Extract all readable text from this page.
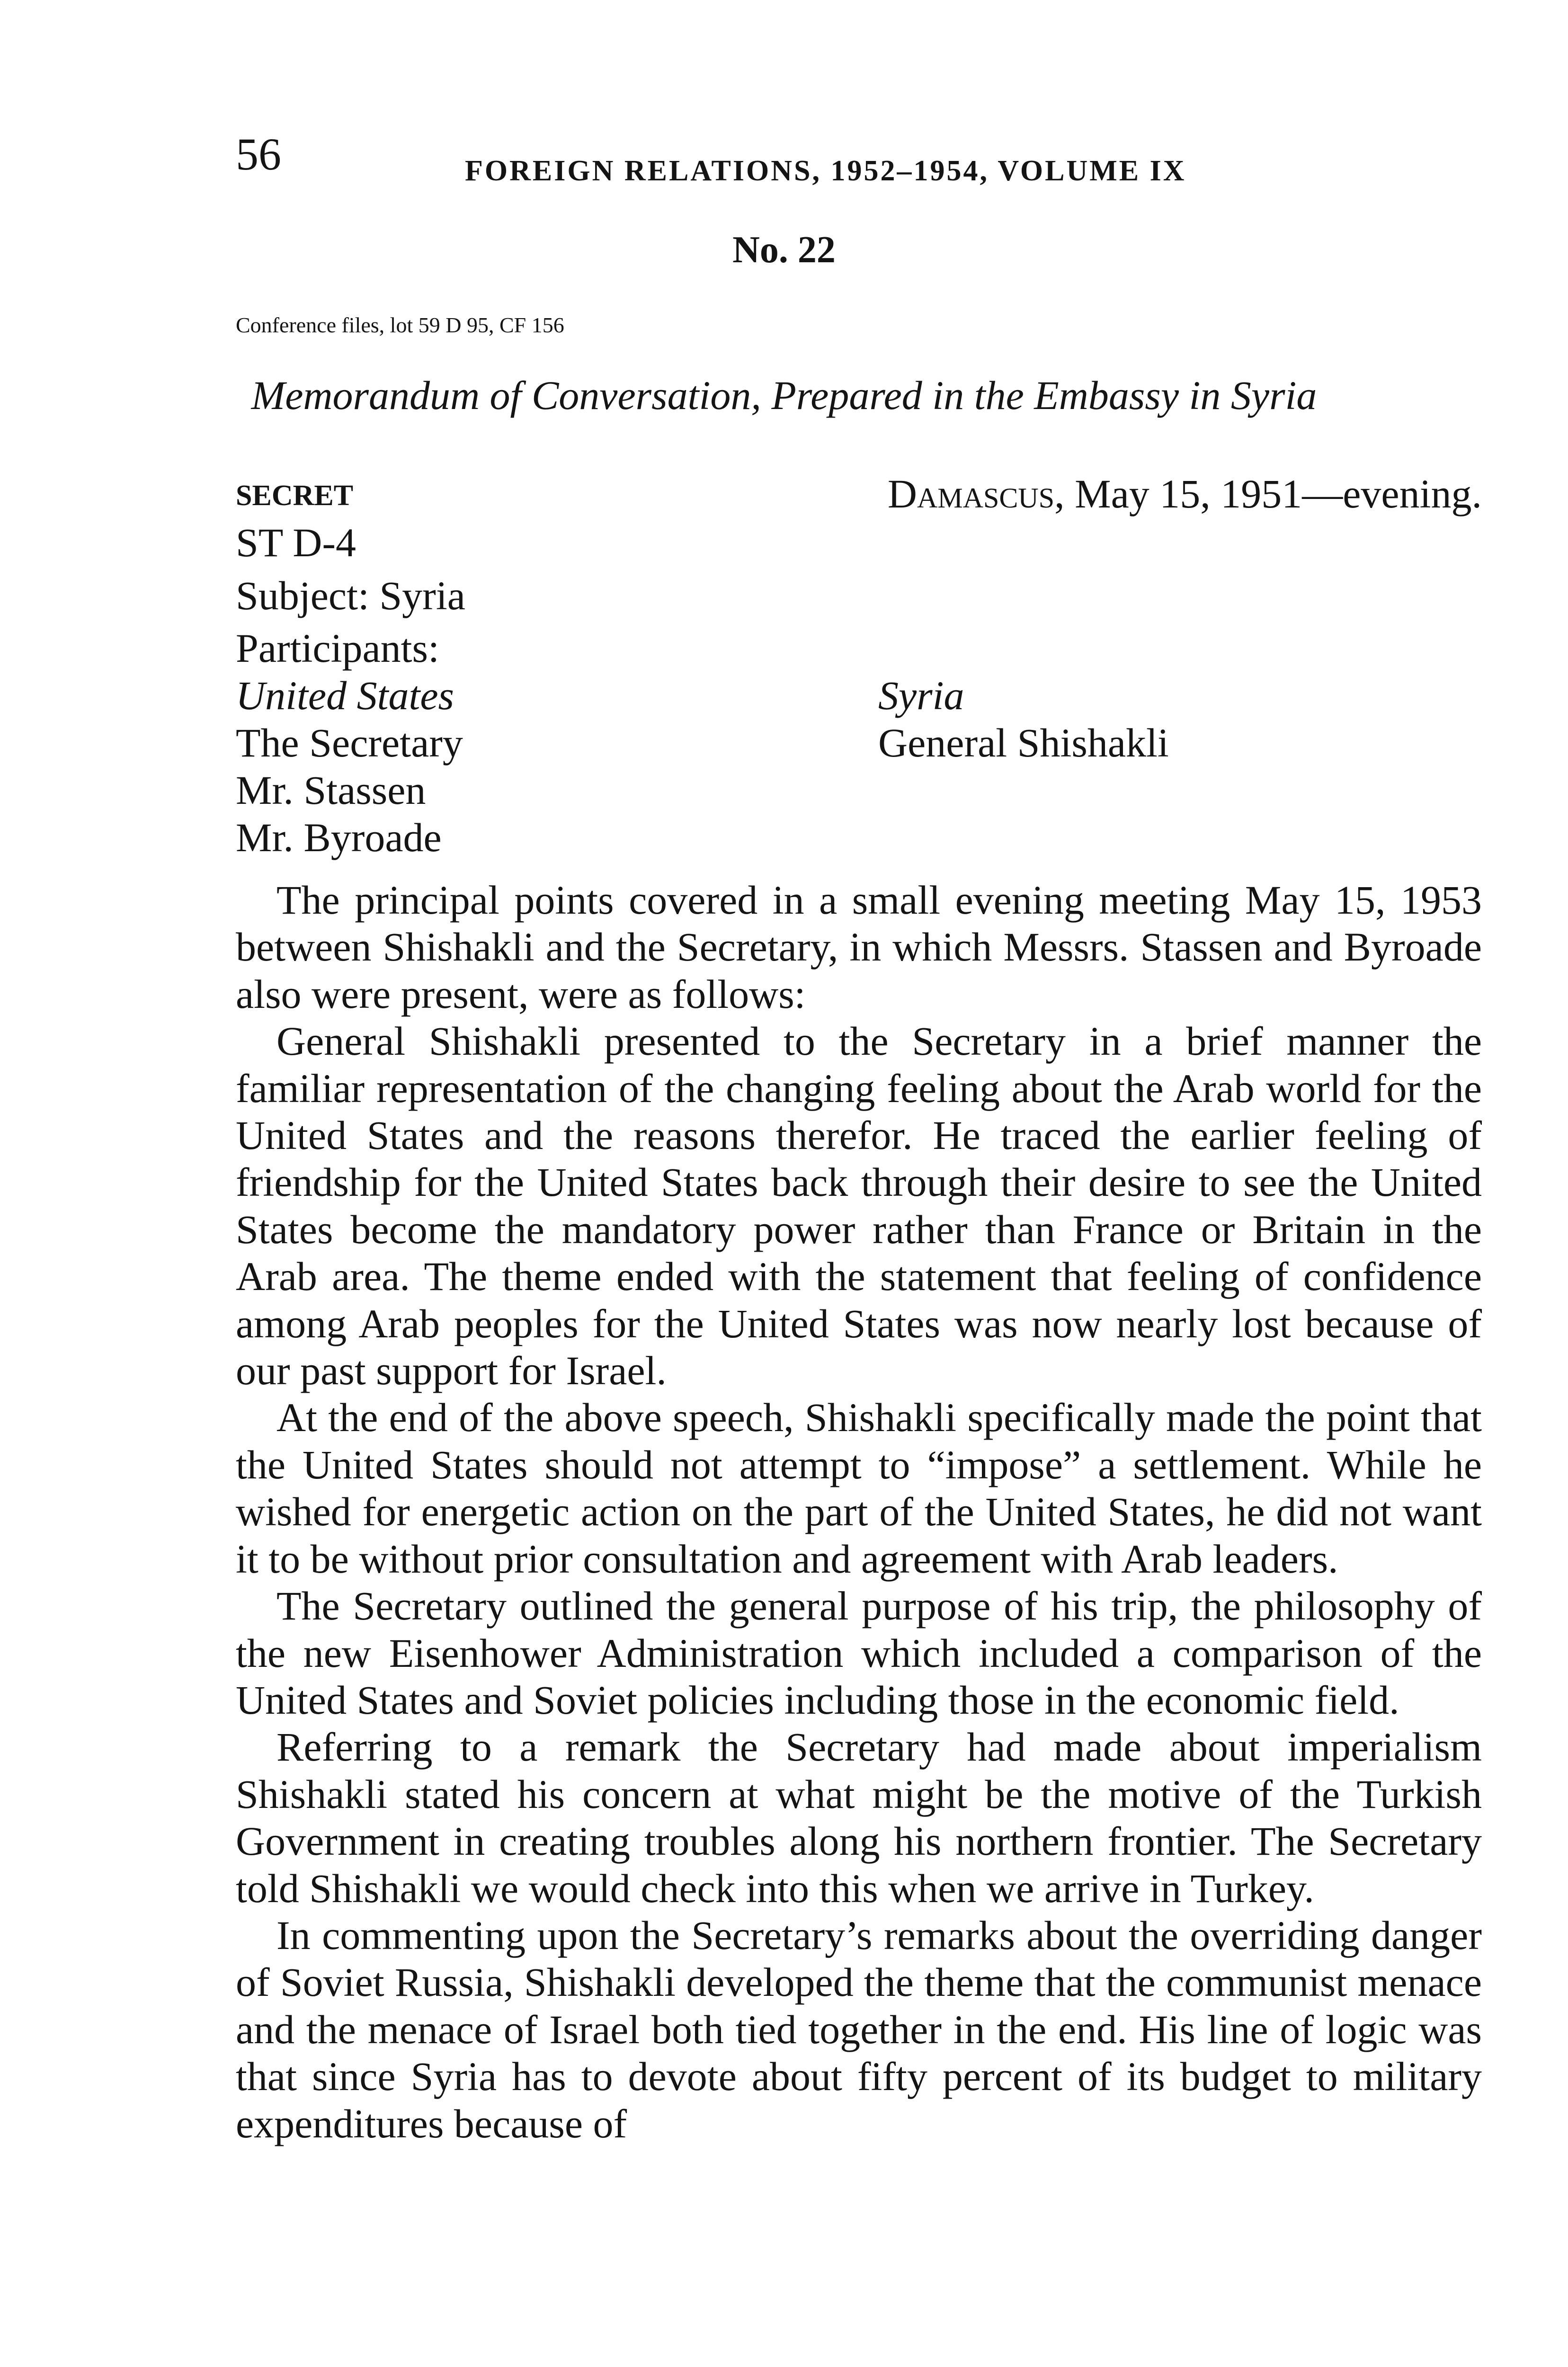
56	FOREIGN RELATIONS, 1952–1954, VOLUME IX
No. 22
Conference files, lot 59 D 95, CF 156
Memorandum of Conversation, Prepared in the Embassy in Syria
SECRET	Damascus, May 15, 1951—evening.
ST D-4
Subject: Syria
Participants:
United States
The Secretary
Mr. Stassen
Mr. Byroade
Syria
General Shishakli

The principal points covered in a small evening meeting May 15, 1953 between Shishakli and the Secretary, in which Messrs. Stassen and Byroade also were present, were as follows:

General Shishakli presented to the Secretary in a brief manner the familiar representation of the changing feeling about the Arab world for the United States and the reasons therefor. He traced the earlier feeling of friendship for the United States back through their desire to see the United States become the mandatory power rather than France or Britain in the Arab area. The theme ended with the statement that feeling of confidence among Arab peoples for the United States was now nearly lost because of our past support for Israel.

At the end of the above speech, Shishakli specifically made the point that the United States should not attempt to “impose” a settlement. While he wished for energetic action on the part of the United States, he did not want it to be without prior consultation and agreement with Arab leaders.

The Secretary outlined the general purpose of his trip, the philosophy of the new Eisenhower Administration which included a comparison of the United States and Soviet policies including those in the economic field.

Referring to a remark the Secretary had made about imperialism Shishakli stated his concern at what might be the motive of the Turkish Government in creating troubles along his northern frontier. The Secretary told Shishakli we would check into this when we arrive in Turkey.

In commenting upon the Secretary’s remarks about the overriding danger of Soviet Russia, Shishakli developed the theme that the communist menace and the menace of Israel both tied together in the end. His line of logic was that since Syria has to devote about fifty percent of its budget to military expenditures because of
